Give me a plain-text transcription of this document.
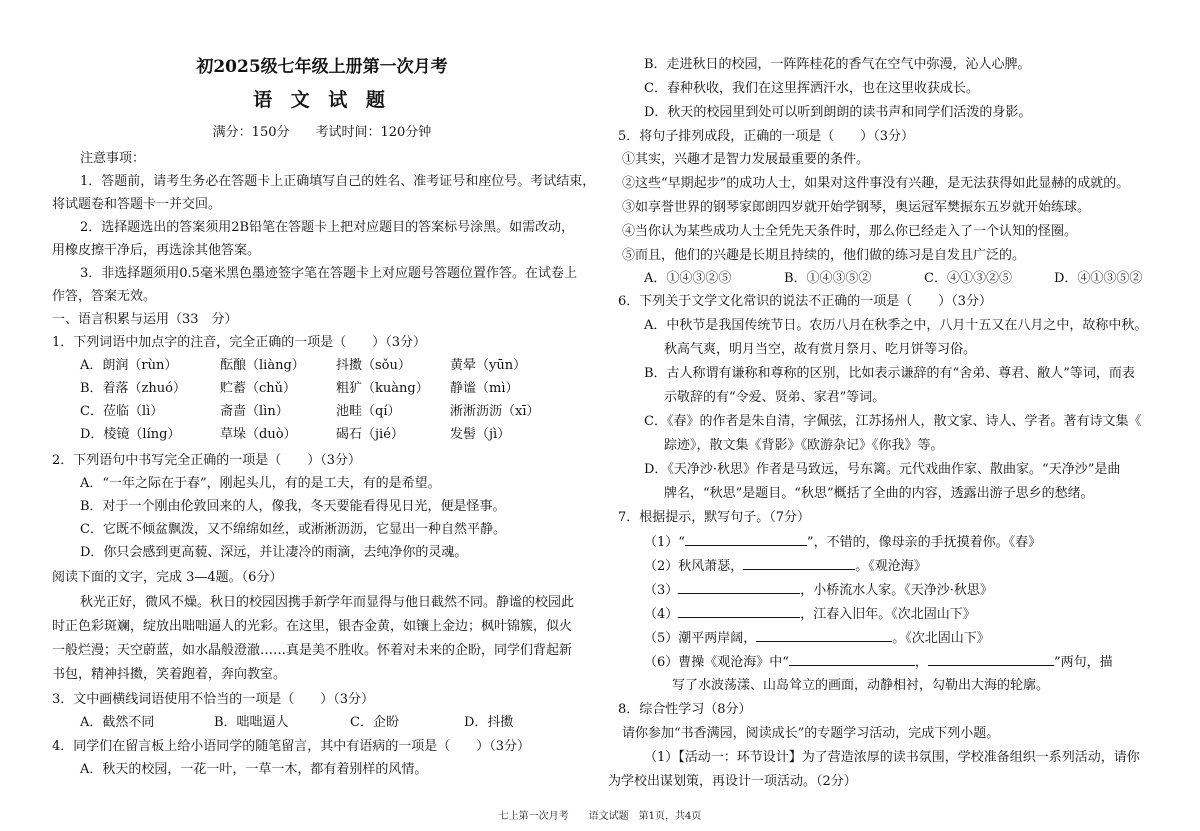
初2025级七年级上册第一次月考
语 文 试 题
满分：150分　　考试时间：120分钟
注意事项：
1．答题前，请考生务必在答题卡上正确填写自己的姓名、准考证号和座位号。考试结束，
将试题卷和答题卡一并交回。
2．选择题选出的答案须用2B铅笔在答题卡上把对应题目的答案标号涂黑。如需改动，
用橡皮擦干净后，再选涂其他答案。
3．非选择题须用0.5毫米黑色墨迹签字笔在答题卡上对应题号答题位置作答。在试卷上
作答，答案无效。
一、语言积累与运用（33　分）
1．下列词语中加点字的注音，完全正确的一项是（　　）（3分）
A．朗润（rùn）	酝酿（liàng） 抖擞（sǒu）	黄晕（yūn）
B．着落（zhuó）	贮蓄（chǔ）	粗犷（kuàng） 静谧（mì）
C．莅临（lì）	斋啬（lìn）	池畦（qí）	淅淅沥沥（xī）
D．棱镜（líng）	草垛（duò）	碣石（jié）	发髻（jì）
2．下列语句中书写完全正确的一项是（　　）（3分）
A．“一年之际在于春”，刚起头儿，有的是工夫，有的是希望。
B．对于一个刚由伦敦回来的人，像我，冬天要能看得见日光，便是怪事。
C．它既不倾盆飘泼，又不绵绵如丝，或淅淅沥沥，它显出一种自然平静。
D．你只会感到更高藐、深远，并让凄冷的雨滴，去纯净你的灵魂。
阅读下面的文字，完成 3—4题。（6分）
秋光正好，微风不燥。秋日的校园因携手新学年而显得与他日截然不同。静谧的校园此
时正色彩斑斓，绽放出咄咄逼人的光彩。在这里，银杏金黄，如镶上金边；枫叶锦簇，似火
一般烂漫；天空蔚蓝，如水晶般澄澈……真是美不胜收。怀着对未来的企盼，同学们背起新
书包，精神抖擞，笑着跑着，奔向教室。
3．文中画横线词语使用不恰当的一项是（　　）（3分）
A．截然不同	B．咄咄逼人	C．企盼	D．抖擞
4．同学们在留言板上给小语同学的随笔留言，其中有语病的一项是（　　）（3分）
A．秋天的校园，一花一叶，一草一木，都有着别样的风情。
B．走进秋日的校园，一阵阵桂花的香气在空气中弥漫，沁人心脾。
C．春种秋收，我们在这里挥洒汗水，也在这里收获成长。
D．秋天的校园里到处可以听到朗朗的读书声和同学们活泼的身影。
5．将句子排列成段，正确的一项是（　　）（3分）
①其实，兴趣才是智力发展最重要的条件。
②这些“早期起步”的成功人士，如果对这件事没有兴趣，是无法获得如此显赫的成就的。
③如享誉世界的钢琴家郎朗四岁就开始学钢琴，奥运冠军樊振东五岁就开始练球。
④当你认为某些成功人士全凭先天条件时，那么你已经走入了一个认知的怪圈。
⑤而且，他们的兴趣是长期且持续的，他们做的练习是自发且广泛的。
A．①④③②⑤	B．①④③⑤②	C．④①③②⑤	D．④①③⑤②
6．下列关于文学文化常识的说法不正确的一项是（　　）（3分）
A．中秋节是我国传统节日。农历八月在秋季之中，八月十五又在八月之中，故称中秋。
秋高气爽，明月当空，故有赏月祭月、吃月饼等习俗。
B．古人称谓有谦称和尊称的区别，比如表示谦辞的有“舍弟、尊君、敝人”等词，而表
示敬辞的有“令爱、贤弟、家君”等词。
C．《春》的作者是朱自清，字佩弦，江苏扬州人，散文家、诗人、学者。著有诗文集《
踪迹》，散文集《背影》《欧游杂记》《你我》等。
D．《天净沙·秋思》作者是马致远，号东篱。元代戏曲作家、散曲家。“天净沙”是曲
牌名，“秋思”是题目。“秋思”概括了全曲的内容，透露出游子思乡的愁绪。
7．根据提示，默写句子。（7分）
（1）“	”，不错的，像母亲的手抚摸着你。《春》
（2）秋风萧瑟，	。《观沧海》
（3）	，小桥流水人家。《天净沙·秋思》
（4）	，江春入旧年。《次北固山下》
（5）潮平两岸阔，	。《次北固山下》
（6）曹操《观沧海》中“	，	”两句，描
写了水波荡漾、山岛耸立的画面，动静相衬，勾勒出大海的轮廓。
8．综合性学习（8分）
请你参加“书香满园，阅读成长”的专题学习活动，完成下列小题。
（1）【活动一：环节设计】为了营造浓厚的读书氛围，学校准备组织一系列活动，请你
为学校出谋划策，再设计一项活动。（2分）
七上第一次月考　　语文试题　第1页，共4页
